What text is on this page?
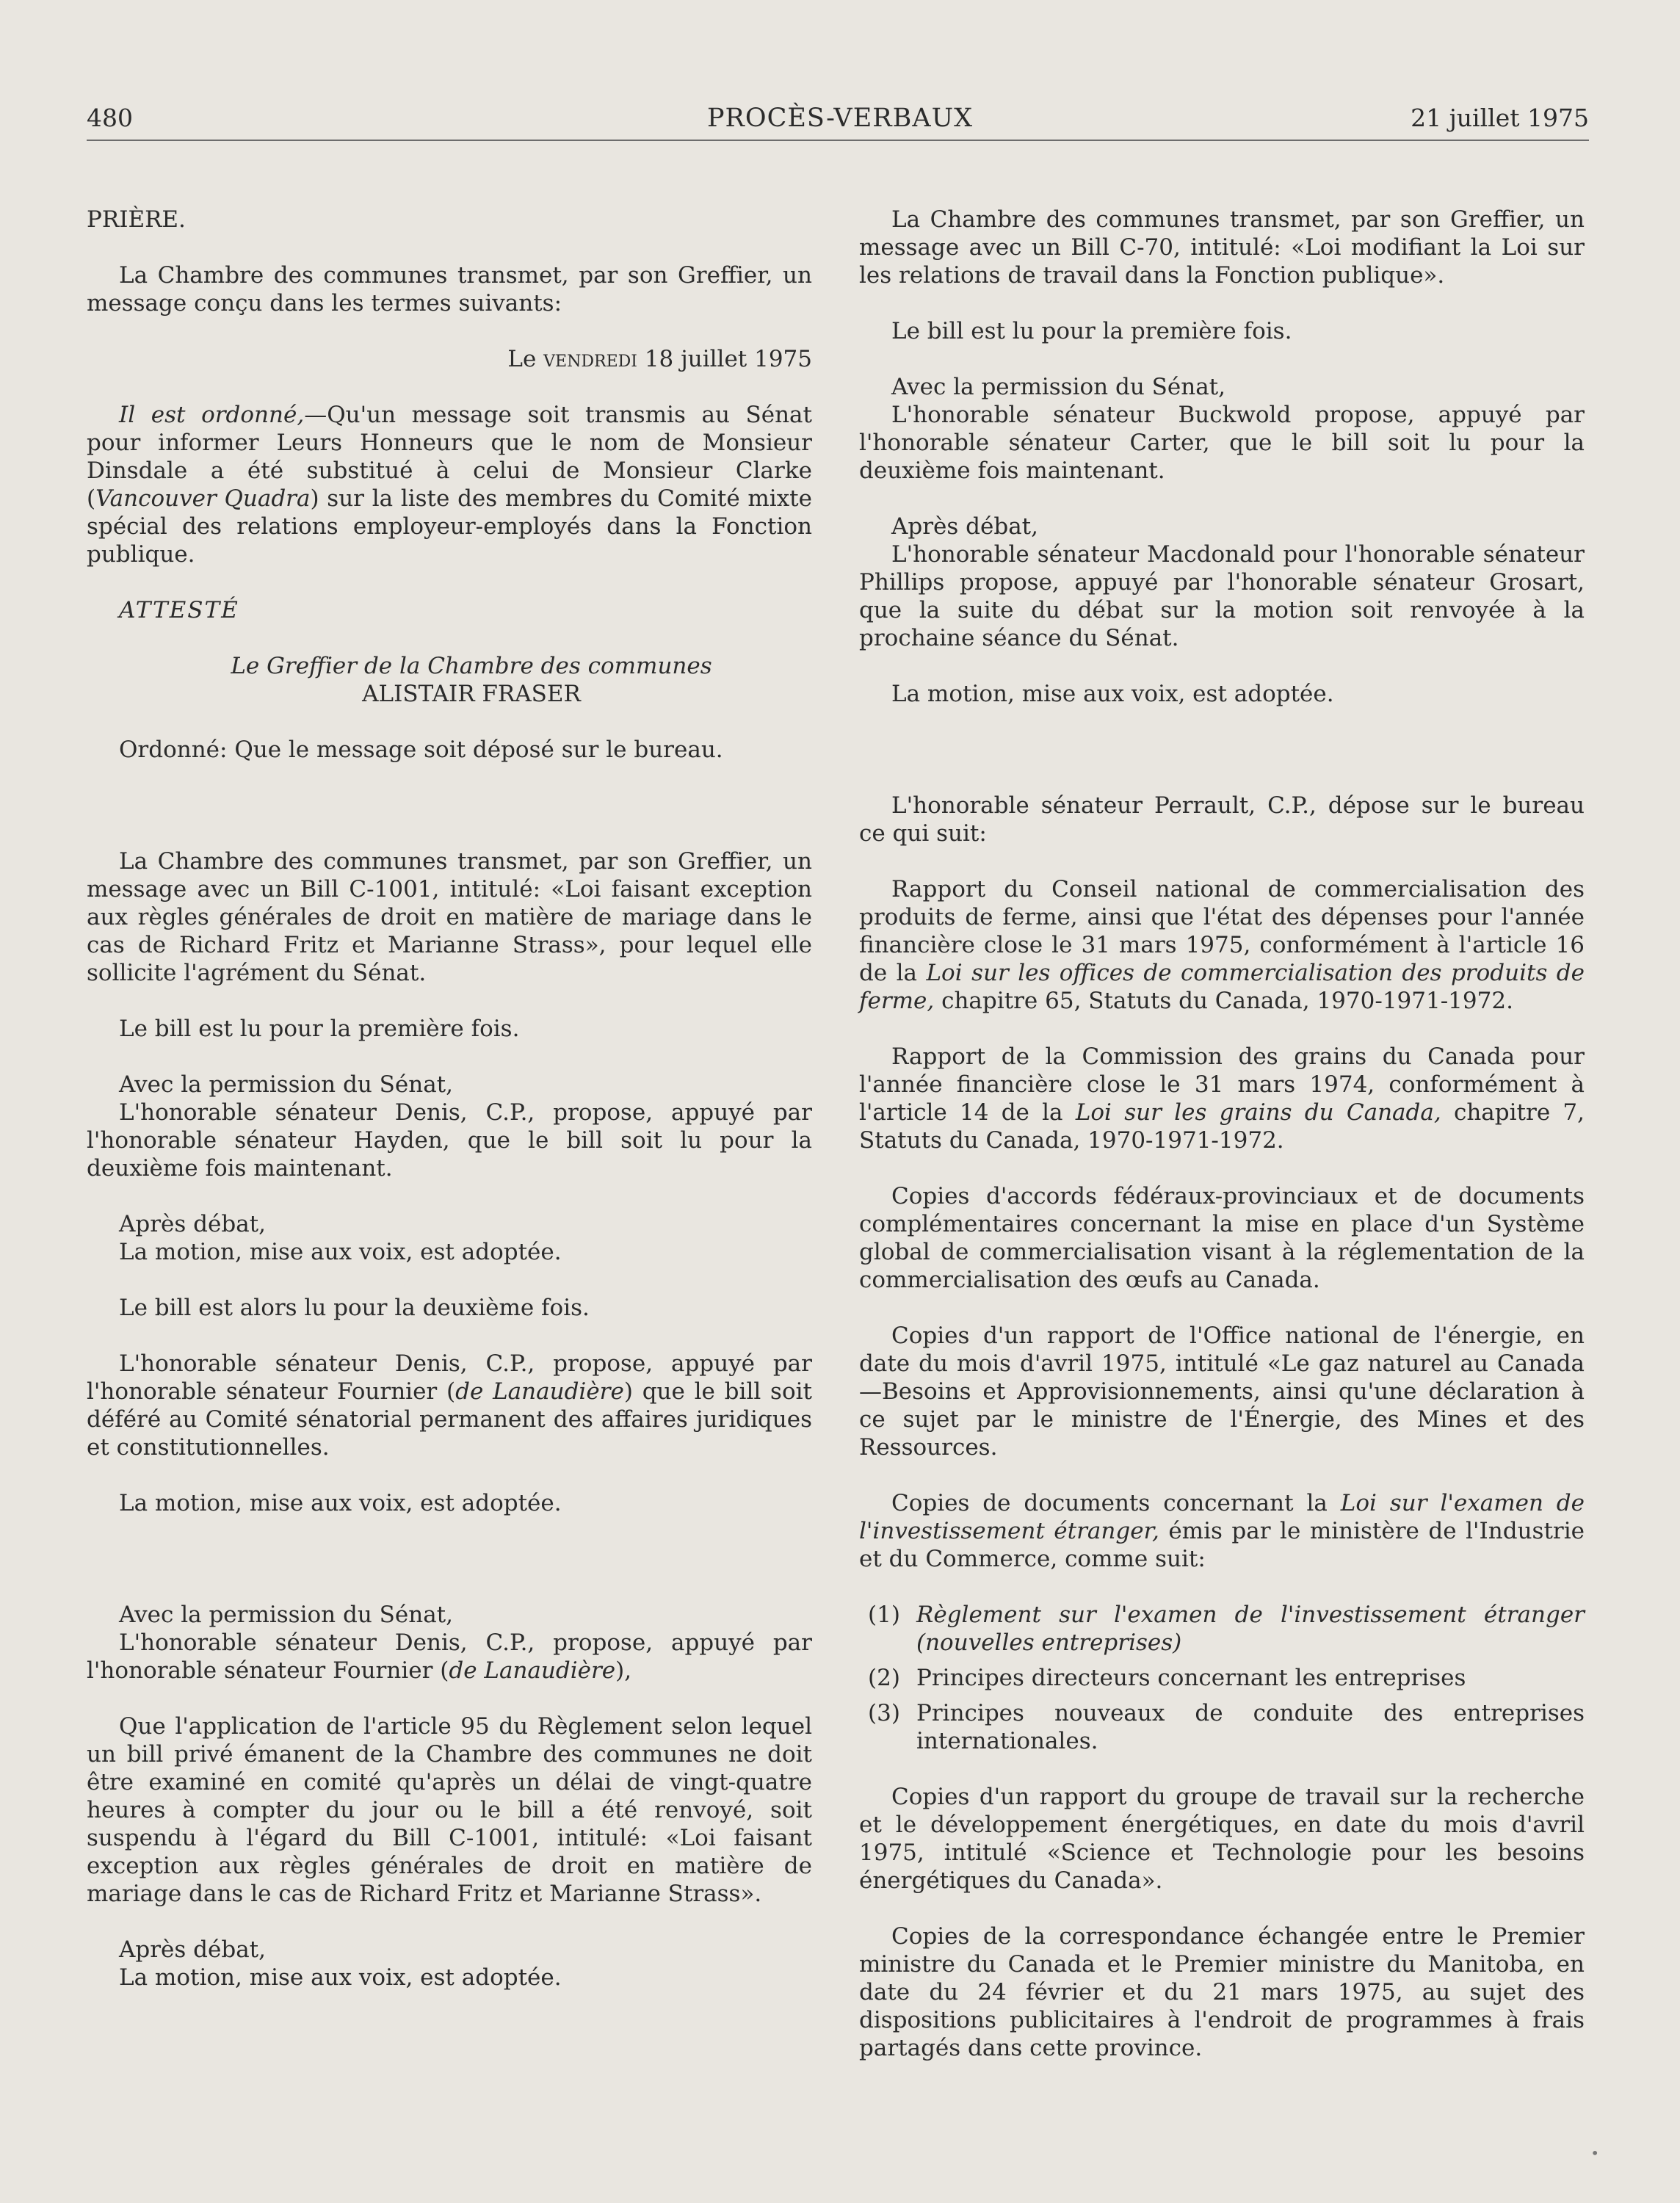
480	PROCÈS-VERBAUX	21 juillet 1975

PRIÈRE.

La Chambre des communes transmet, par son Greffier, un message conçu dans les termes suivants:

Le vendredi 18 juillet 1975

Il est ordonné,—Qu'un message soit transmis au Sénat pour informer Leurs Honneurs que le nom de Monsieur Dinsdale a été substitué à celui de Monsieur Clarke (Vancouver Quadra) sur la liste des membres du Comité mixte spécial des relations employeur-employés dans la Fonction publique.

ATTESTÉ

Le Greffier de la Chambre des communes

ALISTAIR FRASER

Ordonné: Que le message soit déposé sur le bureau.

La Chambre des communes transmet, par son Greffier, un message avec un Bill C-1001, intitulé: «Loi faisant exception aux règles générales de droit en matière de mariage dans le cas de Richard Fritz et Marianne Strass», pour lequel elle sollicite l'agrément du Sénat.

Le bill est lu pour la première fois.

Avec la permission du Sénat,
L'honorable sénateur Denis, C.P., propose, appuyé par l'honorable sénateur Hayden, que le bill soit lu pour la deuxième fois maintenant.

Après débat,
La motion, mise aux voix, est adoptée.

Le bill est alors lu pour la deuxième fois.

L'honorable sénateur Denis, C.P., propose, appuyé par l'honorable sénateur Fournier (de Lanaudière) que le bill soit déféré au Comité sénatorial permanent des affaires juridiques et constitutionnelles.

La motion, mise aux voix, est adoptée.

Avec la permission du Sénat,
L'honorable sénateur Denis, C.P., propose, appuyé par l'honorable sénateur Fournier (de Lanaudière),

Que l'application de l'article 95 du Règlement selon lequel un bill privé émanent de la Chambre des communes ne doit être examiné en comité qu'après un délai de vingt-quatre heures à compter du jour ou le bill a été renvoyé, soit suspendu à l'égard du Bill C-1001, intitulé: «Loi faisant exception aux règles générales de droit en matière de mariage dans le cas de Richard Fritz et Marianne Strass».

Après débat,
La motion, mise aux voix, est adoptée.

La Chambre des communes transmet, par son Greffier, un message avec un Bill C-70, intitulé: «Loi modifiant la Loi sur les relations de travail dans la Fonction publique».

Le bill est lu pour la première fois.

Avec la permission du Sénat,
L'honorable sénateur Buckwold propose, appuyé par l'honorable sénateur Carter, que le bill soit lu pour la deuxième fois maintenant.

Après débat,
L'honorable sénateur Macdonald pour l'honorable sénateur Phillips propose, appuyé par l'honorable sénateur Grosart, que la suite du débat sur la motion soit renvoyée à la prochaine séance du Sénat.

La motion, mise aux voix, est adoptée.

L'honorable sénateur Perrault, C.P., dépose sur le bureau ce qui suit:

Rapport du Conseil national de commercialisation des produits de ferme, ainsi que l'état des dépenses pour l'année financière close le 31 mars 1975, conformément à l'article 16 de la Loi sur les offices de commercialisation des produits de ferme, chapitre 65, Statuts du Canada, 1970-1971-1972.

Rapport de la Commission des grains du Canada pour l'année financière close le 31 mars 1974, conformément à l'article 14 de la Loi sur les grains du Canada, chapitre 7, Statuts du Canada, 1970-1971-1972.

Copies d'accords fédéraux-provinciaux et de documents complémentaires concernant la mise en place d'un Système global de commercialisation visant à la réglementation de la commercialisation des œufs au Canada.

Copies d'un rapport de l'Office national de l'énergie, en date du mois d'avril 1975, intitulé «Le gaz naturel au Canada—Besoins et Approvisionnements, ainsi qu'une déclaration à ce sujet par le ministre de l'Énergie, des Mines et des Ressources.

Copies de documents concernant la Loi sur l'examen de l'investissement étranger, émis par le ministère de l'Industrie et du Commerce, comme suit:

(1) Règlement sur l'examen de l'investissement étranger (nouvelles entreprises)
(2) Principes directeurs concernant les entreprises
(3) Principes nouveaux de conduite des entreprises internationales.

Copies d'un rapport du groupe de travail sur la recherche et le développement énergétiques, en date du mois d'avril 1975, intitulé «Science et Technologie pour les besoins énergétiques du Canada».

Copies de la correspondance échangée entre le Premier ministre du Canada et le Premier ministre du Manitoba, en date du 24 février et du 21 mars 1975, au sujet des dispositions publicitaires à l'endroit de programmes à frais partagés dans cette province.

•
